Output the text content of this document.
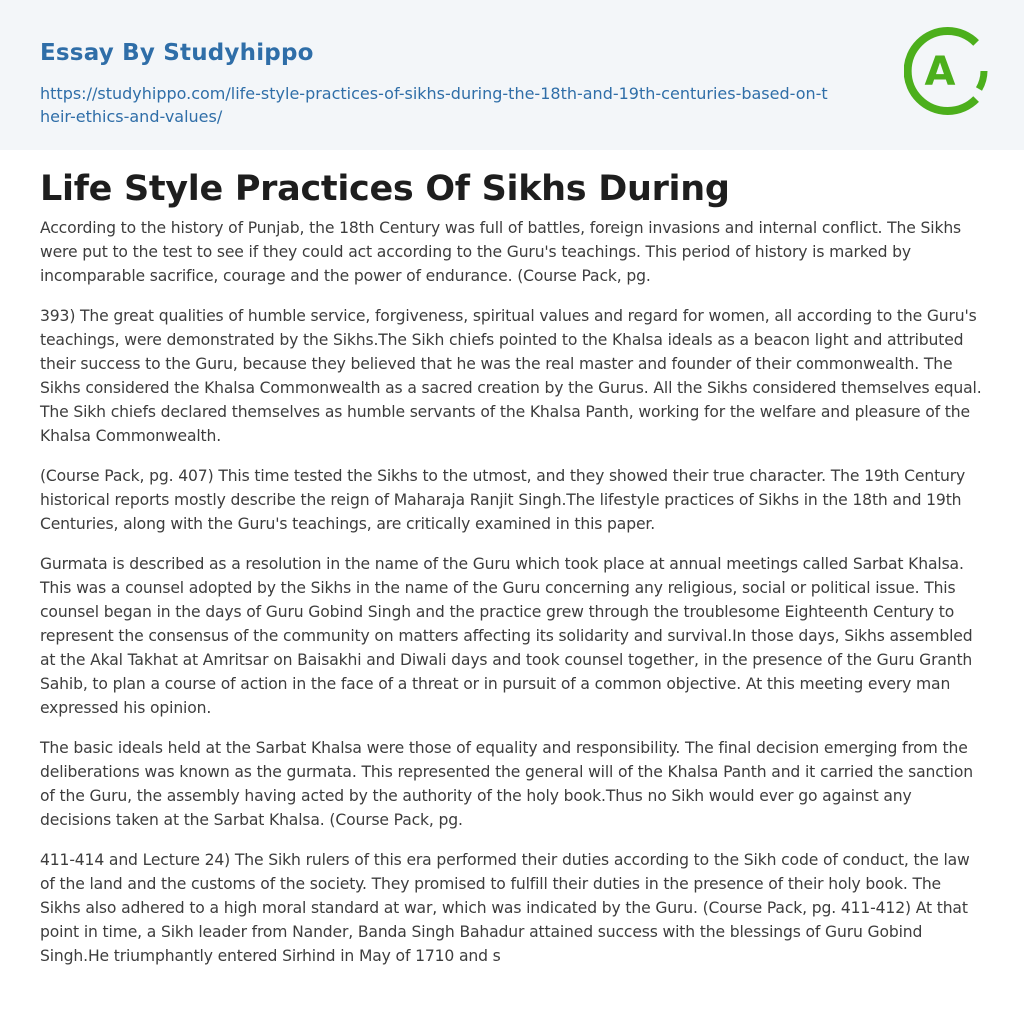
Essay By Studyhippo
https://studyhippo.com/life-style-practices-of-sikhs-during-the-18th-and-19th-centuries-based-on-their-ethics-and-values/
A
Life Style Practices Of Sikhs During

According to the history of Punjab, the 18th Century was full of battles, foreign invasions and internal conflict. The Sikhs were put to the test to see if they could act according to the Guru's teachings. This period of history is marked by incomparable sacrifice, courage and the power of endurance. (Course Pack, pg.

393) The great qualities of humble service, forgiveness, spiritual values and regard for women, all according to the Guru's teachings, were demonstrated by the Sikhs.The Sikh chiefs pointed to the Khalsa ideals as a beacon light and attributed their success to the Guru, because they believed that he was the real master and founder of their commonwealth. The Sikhs considered the Khalsa Commonwealth as a sacred creation by the Gurus. All the Sikhs considered themselves equal. The Sikh chiefs declared themselves as humble servants of the Khalsa Panth, working for the welfare and pleasure of the Khalsa Commonwealth.

(Course Pack, pg. 407) This time tested the Sikhs to the utmost, and they showed their true character. The 19th Century historical reports mostly describe the reign of Maharaja Ranjit Singh.The lifestyle practices of Sikhs in the 18th and 19th Centuries, along with the Guru's teachings, are critically examined in this paper.

Gurmata is described as a resolution in the name of the Guru which took place at annual meetings called Sarbat Khalsa. This was a counsel adopted by the Sikhs in the name of the Guru concerning any religious, social or political issue. This counsel began in the days of Guru Gobind Singh and the practice grew through the troublesome Eighteenth Century to represent the consensus of the community on matters affecting its solidarity and survival.In those days, Sikhs assembled at the Akal Takhat at Amritsar on Baisakhi and Diwali days and took counsel together, in the presence of the Guru Granth Sahib, to plan a course of action in the face of a threat or in pursuit of a common objective. At this meeting every man expressed his opinion.

The basic ideals held at the Sarbat Khalsa were those of equality and responsibility. The final decision emerging from the deliberations was known as the gurmata. This represented the general will of the Khalsa Panth and it carried the sanction of the Guru, the assembly having acted by the authority of the holy book.Thus no Sikh would ever go against any decisions taken at the Sarbat Khalsa. (Course Pack, pg.

411-414 and Lecture 24) The Sikh rulers of this era performed their duties according to the Sikh code of conduct, the law of the land and the customs of the society. They promised to fulfill their duties in the presence of their holy book. The Sikhs also adhered to a high moral standard at war, which was indicated by the Guru. (Course Pack, pg. 411-412) At that point in time, a Sikh leader from Nander, Banda Singh Bahadur attained success with the blessings of Guru Gobind Singh.He triumphantly entered Sirhind in May of 1710 and s
